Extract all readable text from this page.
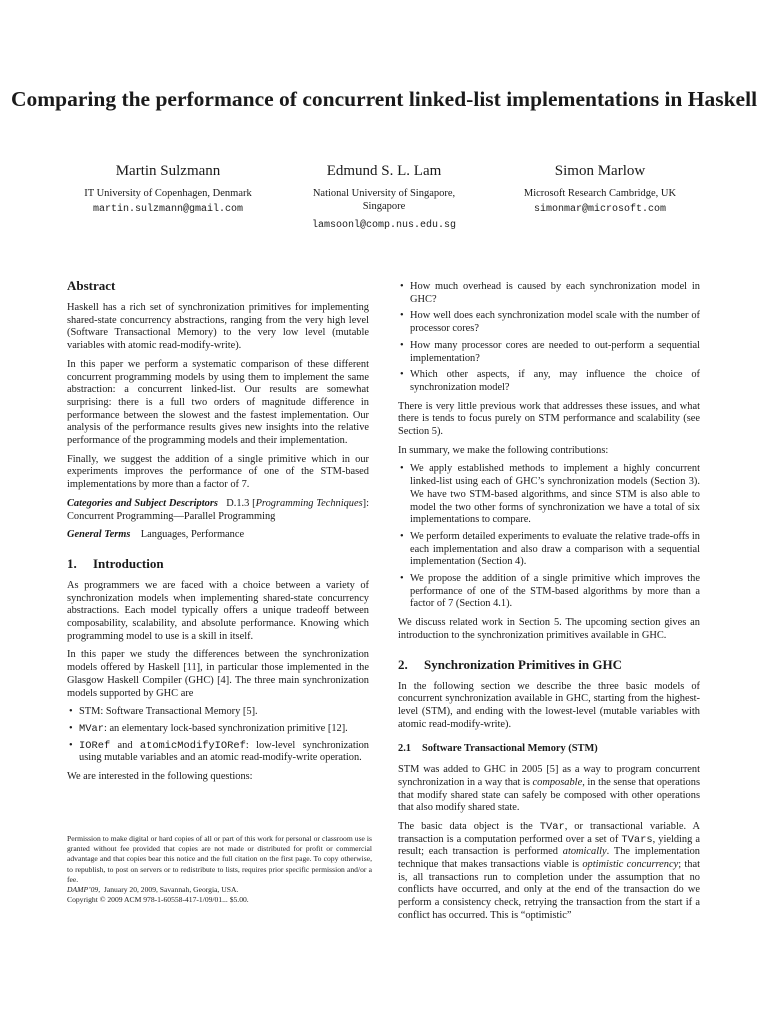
Comparing the performance of concurrent linked-list implementations in Haskell
Martin Sulzmann
IT University of Copenhagen, Denmark
martin.sulzmann@gmail.com
Edmund S. L. Lam
National University of Singapore, Singapore
lamsoonl@comp.nus.edu.sg
Simon Marlow
Microsoft Research Cambridge, UK
simonmar@microsoft.com
Abstract

Haskell has a rich set of synchronization primitives for implementing shared-state concurrency abstractions, ranging from the very high level (Software Transactional Memory) to the very low level (mutable variables with atomic read-modify-write).

In this paper we perform a systematic comparison of these different concurrent programming models by using them to implement the same abstraction: a concurrent linked-list. Our results are somewhat surprising: there is a full two orders of magnitude difference in performance between the slowest and the fastest implementation. Our analysis of the performance results gives new insights into the relative performance of the programming models and their implementation.

Finally, we suggest the addition of a single primitive which in our experiments improves the performance of one of the STM-based implementations by more than a factor of 7.

Categories and Subject Descriptors D.1.3 [Programming Techniques]: Concurrent Programming—Parallel Programming

General Terms Languages, Performance

1. Introduction

As programmers we are faced with a choice between a variety of synchronization models when implementing shared-state concurrency abstractions. Each model typically offers a unique tradeoff between composability, scalability, and absolute performance. Knowing which programming model to use is a skill in itself.

In this paper we study the differences between the synchronization models offered by Haskell [11], in particular those implemented in the Glasgow Haskell Compiler (GHC) [4]. The three main synchronization models supported by GHC are

• STM: Software Transactional Memory [5].
• MVar: an elementary lock-based synchronization primitive [12].
• IORef and atomicModifyIORef: low-level synchronization using mutable variables and an atomic read-modify-write operation.

We are interested in the following questions:

Permission to make digital or hard copies of all or part of this work for personal or classroom use is granted without fee provided that copies are not made or distributed for profit or commercial advantage and that copies bear this notice and the full citation on the first page. To copy otherwise, to republish, to post on servers or to redistribute to lists, requires prior specific permission and/or a fee.

DAMP’09, January 20, 2009, Savannah, Georgia, USA.

Copyright © 2009 ACM 978-1-60558-417-1/09/01... $5.00.

• How much overhead is caused by each synchronization model in GHC?
• How well does each synchronization model scale with the number of processor cores?
• How many processor cores are needed to out-perform a sequential implementation?
• Which other aspects, if any, may influence the choice of synchronization model?

There is very little previous work that addresses these issues, and what there is tends to focus purely on STM performance and scalability (see Section 5).

In summary, we make the following contributions:

• We apply established methods to implement a highly concurrent linked-list using each of GHC’s synchronization models (Section 3). We have two STM-based algorithms, and since STM is also able to model the two other forms of synchronization we have a total of six implementations to compare.
• We perform detailed experiments to evaluate the relative trade-offs in each implementation and also draw a comparison with a sequential implementation (Section 4).
• We propose the addition of a single primitive which improves the performance of one of the STM-based algorithms by more than a factor of 7 (Section 4.1).

We discuss related work in Section 5. The upcoming section gives an introduction to the synchronization primitives available in GHC.

2. Synchronization Primitives in GHC

In the following section we describe the three basic models of concurrent synchronization available in GHC, starting from the highest-level (STM), and ending with the lowest-level (mutable variables with atomic read-modify-write).

2.1 Software Transactional Memory (STM)

STM was added to GHC in 2005 [5] as a way to program concurrent synchronization in a way that is composable, in the sense that operations that modify shared state can safely be composed with other operations that also modify shared state.

The basic data object is the TVar, or transactional variable. A transaction is a computation performed over a set of TVars, yielding a result; each transaction is performed atomically. The implementation technique that makes transactions viable is optimistic concurrency; that is, all transactions run to completion under the assumption that no conflicts have occurred, and only at the end of the transaction do we perform a consistency check, retrying the transaction from the start if a conflict has occurred. This is “optimistic”
